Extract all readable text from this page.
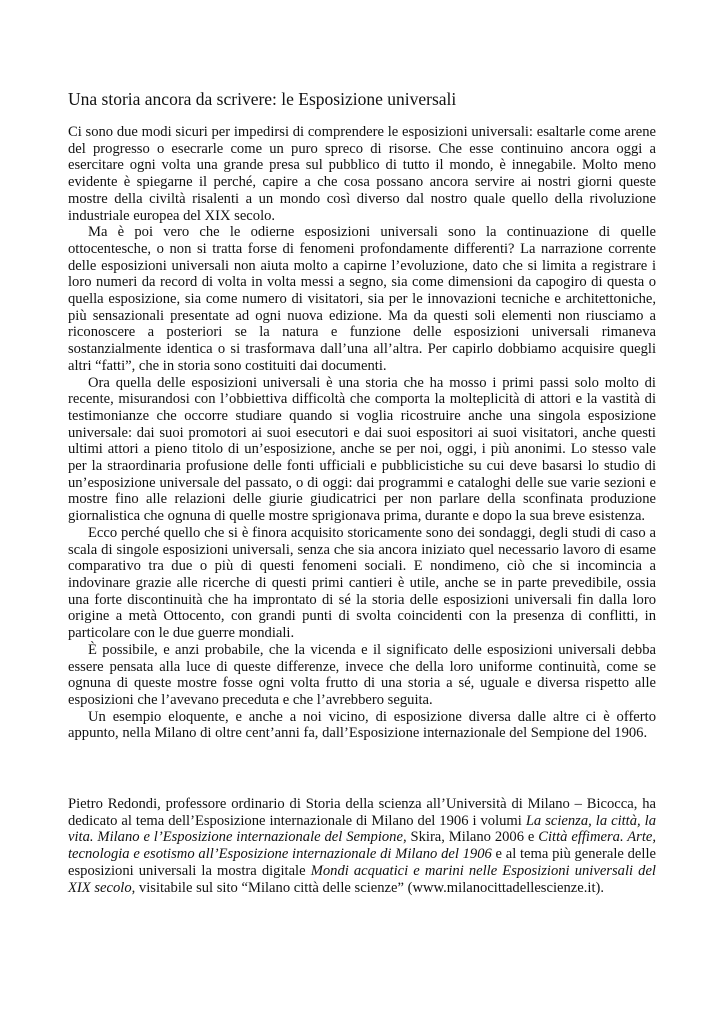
Una storia ancora da scrivere: le Esposizione universali

Ci sono due modi sicuri per impedirsi di comprendere le esposizioni universali: esaltarle come arene del progresso o esecrarle come un puro spreco di risorse. Che esse continuino ancora oggi a esercitare ogni volta una grande presa sul pubblico di tutto il mondo, è innegabile. Molto meno evidente è spiegarne il perché, capire a che cosa possano ancora servire ai nostri giorni queste mostre della civiltà risalenti a un mondo così diverso dal nostro quale quello della rivoluzione industriale europea del XIX secolo.

Ma è poi vero che le odierne esposizioni universali sono la continuazione di quelle ottocentesche, o non si tratta forse di fenomeni profondamente differenti? La narrazione corrente delle esposizioni universali non aiuta molto a capirne l’evoluzione, dato che si limita a registrare i loro numeri da record di volta in volta messi a segno, sia come dimensioni da capogiro di questa o quella esposizione, sia come numero di visitatori, sia per le innovazioni tecniche e architettoniche, più sensazionali presentate ad ogni nuova edizione. Ma da questi soli elementi non riusciamo a riconoscere a posteriori se la natura e funzione delle esposizioni universali rimaneva sostanzialmente identica o si trasformava dall’una all’altra. Per capirlo dobbiamo acquisire quegli altri “fatti”, che in storia sono costituiti dai documenti.

Ora quella delle esposizioni universali è una storia che ha mosso i primi passi solo molto di recente, misurandosi con l’obbiettiva difficoltà che comporta la molteplicità di attori e la vastità di testimonianze che occorre studiare quando si voglia ricostruire anche una singola esposizione universale: dai suoi promotori ai suoi esecutori e dai suoi espositori ai suoi visitatori, anche questi ultimi attori a pieno titolo di un’esposizione, anche se per noi, oggi, i più anonimi. Lo stesso vale per la straordinaria profusione delle fonti ufficiali e pubblicistiche su cui deve basarsi lo studio di un’esposizione universale del passato, o di oggi: dai programmi e cataloghi delle sue varie sezioni e mostre fino alle relazioni delle giurie giudicatrici per non parlare della sconfinata produzione giornalistica che ognuna di quelle mostre sprigionava prima, durante e dopo la sua breve esistenza.

Ecco perché quello che si è finora acquisito storicamente sono dei sondaggi, degli studi di caso a scala di singole esposizioni universali, senza che sia ancora iniziato quel necessario lavoro di esame comparativo tra due o più di questi fenomeni sociali. E nondimeno, ciò che si incomincia a indovinare grazie alle ricerche di questi primi cantieri è utile, anche se in parte prevedibile, ossia una forte discontinuità che ha improntato di sé la storia delle esposizioni universali fin dalla loro origine a metà Ottocento, con grandi punti di svolta coincidenti con la presenza di conflitti, in particolare con le due guerre mondiali.

È possibile, e anzi probabile, che la vicenda e il significato delle esposizioni universali debba essere pensata alla luce di queste differenze, invece che della loro uniforme continuità, come se ognuna di queste mostre fosse ogni volta frutto di una storia a sé, uguale e diversa rispetto alle esposizioni che l’avevano preceduta e che l’avrebbero seguita.

Un esempio eloquente, e anche a noi vicino, di esposizione diversa dalle altre ci è offerto appunto, nella Milano di oltre cent’anni fa, dall’Esposizione internazionale del Sempione del 1906.

Pietro Redondi, professore ordinario di Storia della scienza all’Università di Milano – Bicocca, ha dedicato al tema dell’Esposizione internazionale di Milano del 1906 i volumi La scienza, la città, la vita. Milano e l’Esposizione internazionale del Sempione, Skira, Milano 2006 e Città effimera. Arte, tecnologia e esotismo all’Esposizione internazionale di Milano del 1906 e al tema più generale delle esposizioni universali la mostra digitale Mondi acquatici e marini nelle Esposizioni universali del XIX secolo, visitabile sul sito “Milano città delle scienze” (www.milanocittadellescienze.it).
